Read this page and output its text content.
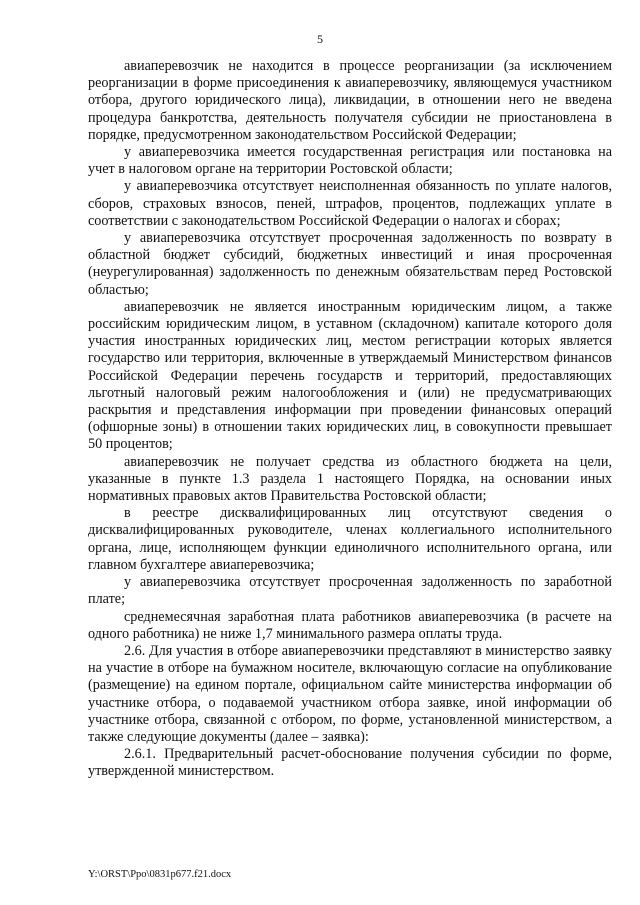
5

авиаперевозчик не находится в процессе реорганизации (за исключением реорганизации в форме присоединения к авиаперевозчику, являющемуся участником отбора, другого юридического лица), ликвидации, в отношении него не введена процедура банкротства, деятельность получателя субсидии не приостановлена в порядке, предусмотренном законодательством Российской Федерации;

у авиаперевозчика имеется государственная регистрация или постановка на учет в налоговом органе на территории Ростовской области;

у авиаперевозчика отсутствует неисполненная обязанность по уплате налогов, сборов, страховых взносов, пеней, штрафов, процентов, подлежащих уплате в соответствии с законодательством Российской Федерации о налогах и сборах;

у авиаперевозчика отсутствует просроченная задолженность по возврату в областной бюджет субсидий, бюджетных инвестиций и иная просроченная (неурегулированная) задолженность по денежным обязательствам перед Ростовской областью;

авиаперевозчик не является иностранным юридическим лицом, а также российским юридическим лицом, в уставном (складочном) капитале которого доля участия иностранных юридических лиц, местом регистрации которых является государство или территория, включенные в утверждаемый Министерством финансов Российской Федерации перечень государств и территорий, предоставляющих льготный налоговый режим налогообложения и (или) не предусматривающих раскрытия и представления информации при проведении финансовых операций (офшорные зоны) в отношении таких юридических лиц, в совокупности превышает 50 процентов;

авиаперевозчик не получает средства из областного бюджета на цели, указанные в пункте 1.3 раздела 1 настоящего Порядка, на основании иных нормативных правовых актов Правительства Ростовской области;

в реестре дисквалифицированных лиц отсутствуют сведения о дисквалифицированных руководителе, членах коллегиального исполнительного органа, лице, исполняющем функции единоличного исполнительного органа, или главном бухгалтере авиаперевозчика;

у авиаперевозчика отсутствует просроченная задолженность по заработной плате;

среднемесячная заработная плата работников авиаперевозчика (в расчете на одного работника) не ниже 1,7 минимального размера оплаты труда.

2.6. Для участия в отборе авиаперевозчики представляют в министерство заявку на участие в отборе на бумажном носителе, включающую согласие на опубликование (размещение) на едином портале, официальном сайте министерства информации об участнике отбора, о подаваемой участником отбора заявке, иной информации об участнике отбора, связанной с отбором, по форме, установленной министерством, а также следующие документы (далее – заявка):

2.6.1. Предварительный расчет-обоснование получения субсидии по форме, утвержденной министерством.

Y:\ORST\Ppo\0831p677.f21.docx
